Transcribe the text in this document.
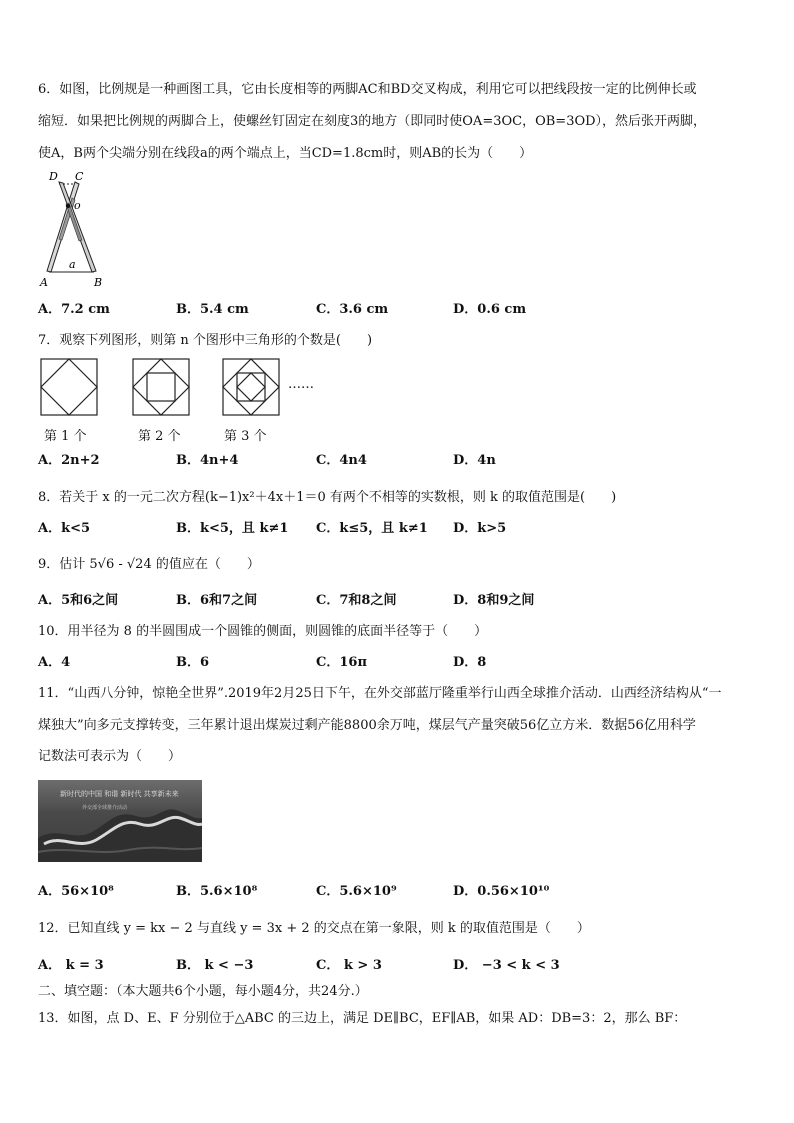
6．如图，比例规是一种画图工具，它由长度相等的两脚AC和BD交叉构成，利用它可以把线段按一定的比例伸长或
缩短．如果把比例规的两脚合上，使螺丝钉固定在刻度3的地方（即同时使OA=3OC，OB=3OD），然后张开两脚，
使A，B两个尖端分别在线段a的两个端点上，当CD=1.8cm时，则AB的长为（　　）
D C
o
a
A	B
A．7.2 cm	B．5.4 cm	C．3.6 cm	D．0.6 cm
7．观察下列图形，则第 n 个图形中三角形的个数是(　　)
……
第 1 个	第 2 个	第 3 个
A．2n+2	B．4n+4	C．4n4	D．4n
8．若关于 x 的一元二次方程(k−1)x²＋4x＋1＝0 有两个不相等的实数根，则 k 的取值范围是(　　)
A．k<5	B．k<5，且 k≠1 C．k≤5，且 k≠1 D．k>5
9．估计 5√6 - √24 的值应在（　　）
A．5和6之间	B．6和7之间	C．7和8之间	D．8和9之间
10．用半径为 8 的半圆围成一个圆锥的侧面，则圆锥的底面半径等于（　　）
A．4	B．6	C．16π	D．8
11．“山西八分钟，惊艳全世界”.2019年2月25日下午，在外交部蓝厅隆重举行山西全球推介活动．山西经济结构从“一
煤独大”向多元支撑转变，三年累计退出煤炭过剩产能8800余万吨，煤层气产量突破56亿立方米．数据56亿用科学
记数法可表示为（　　）
新时代的中国 和谐 新时代 共享新未来
外交部全球推介活动
A．56×10⁸	B．5.6×10⁸	C．5.6×10⁹	D．0.56×10¹⁰
12．已知直线 y = kx − 2 与直线 y = 3x + 2 的交点在第一象限，则 k 的取值范围是（　　）
A． k = 3	B． k < −3	C． k > 3	D． −3 < k < 3
二、填空题：（本大题共6个小题，每小题4分，共24分.）
13．如图，点 D、E、F 分别位于△ABC 的三边上，满足 DE∥BC，EF∥AB，如果 AD：DB=3：2，那么 BF：
